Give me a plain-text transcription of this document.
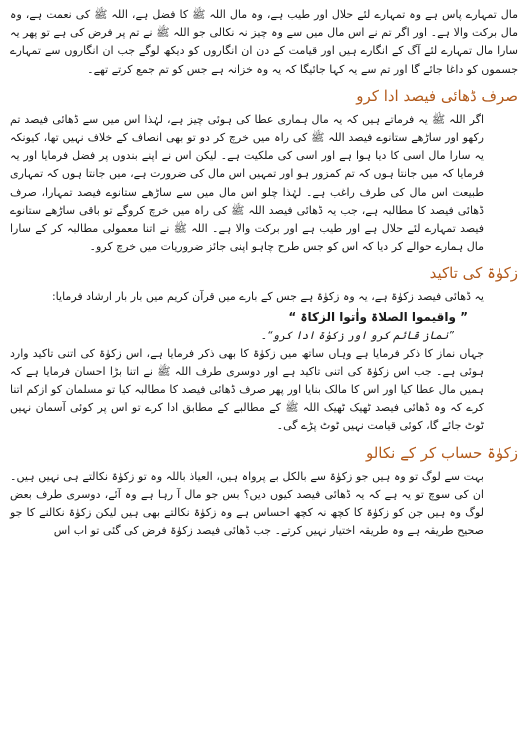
مال تمہارے پاس ہے وہ تمہارے لئے حلال اور طیب ہے، وہ مال اللہ ﷺ کا فضل ہے، اللہ ﷺ کی نعمت ہے، وہ مال برکت والا ہے۔ اور اگر تم نے اس مال میں سے وہ چیز نہ نکالی جو اللہ ﷺ نے تم پر فرض کی ہے تو پھر یہ سارا مال تمہارے لئے آگ کے انگارے ہیں اور قیامت کے دن ان انگاروں کو دیکھ لوگے جب ان انگاروں سے تمہارے جسموں کو داغا جائے گا اور تم سے یہ کہا جائیگا کہ یہ وہ خزانہ ہے جس کو تم جمع کرتے تھے۔

صرف ڈھائی فیصد ادا کرو

اگر اللہ ﷺ یہ فرماتے ہیں کہ یہ مال ہماری عطا کی ہوئی چیز ہے، لہٰذا اس میں سے ڈھائی فیصد تم رکھو اور ساڑھے ستانوے فیصد اللہ ﷺ کی راہ میں خرچ کر دو تو بھی انصاف کے خلاف نہیں تھا، کیونکہ یہ سارا مال اسی کا دیا ہوا ہے اور اسی کی ملکیت ہے۔ لیکن اس نے اپنے بندوں پر فضل فرمایا اور یہ فرمایا کہ میں جانتا ہوں کہ تم کمزور ہو اور تمہیں اس مال کی ضرورت ہے، میں جانتا ہوں کہ تمہاری طبیعت اس مال کی طرف راغب ہے۔ لہٰذا چلو اس مال میں سے ساڑھے ستانوے فیصد تمہارا، صرف ڈھائی فیصد کا مطالبہ ہے، جب یہ ڈھائی فیصد اللہ ﷺ کی راہ میں خرچ کروگے تو باقی ساڑھے ستانوے فیصد تمہارے لئے حلال ہے اور طیب ہے اور برکت والا ہے۔ اللہ ﷺ نے اتنا معمولی مطالبہ کر کے سارا مال ہمارے حوالے کر دیا کہ اس کو جس طرح چاہو اپنی جائز ضروریات میں خرچ کرو۔

زکوٰۃ کی تاکید

یہ ڈھائی فیصد زکوٰۃ ہے، یہ وہ زکوٰۃ ہے جس کے بارے میں قرآن کریم میں بار بار ارشاد فرمایا:

” واقیموا الصلاۃ واٰتوا الزکاۃ “

”نماز قائم کرو اور زکوٰۃ ادا کرو“۔

جہاں نماز کا ذکر فرمایا ہے وہاں ساتھ میں زکوٰۃ کا بھی ذکر فرمایا ہے، اس زکوٰۃ کی اتنی تاکید وارد ہوئی ہے۔ جب اس زکوٰۃ کی اتنی تاکید ہے اور دوسری طرف اللہ ﷺ نے اتنا بڑا احسان فرمایا ہے کہ ہمیں مال عطا کیا اور اس کا مالک بنایا اور پھر صرف ڈھائی فیصد کا مطالبہ کیا تو مسلمان کو ازکم اتنا کرے کہ وہ ڈھائی فیصد ٹھیک ٹھیک اللہ ﷺ کے مطالبے کے مطابق ادا کرے تو اس پر کوئی آسمان نہیں ٹوٹ جائے گا، کوئی قیامت نہیں ٹوٹ پڑے گی۔

زکوٰۃ حساب کر کے نکالو

بہت سے لوگ تو وہ ہیں جو زکوٰۃ سے بالکل بے پرواہ ہیں، العیاذ باللہ وہ تو زکوٰۃ نکالتے ہی نہیں ہیں۔ ان کی سوچ تو یہ ہے کہ یہ ڈھائی فیصد کیوں دیں؟ بس جو مال آ رہا ہے وہ آئے، دوسری طرف بعض لوگ وہ ہیں جن کو زکوٰۃ کا کچھ نہ کچھ احساس ہے وہ زکوٰۃ نکالتے بھی ہیں لیکن زکوٰۃ نکالنے کا جو صحیح طریقہ ہے وہ طریقہ اختیار نہیں کرتے۔ جب ڈھائی فیصد زکوٰۃ فرض کی گئی تو اب اس
